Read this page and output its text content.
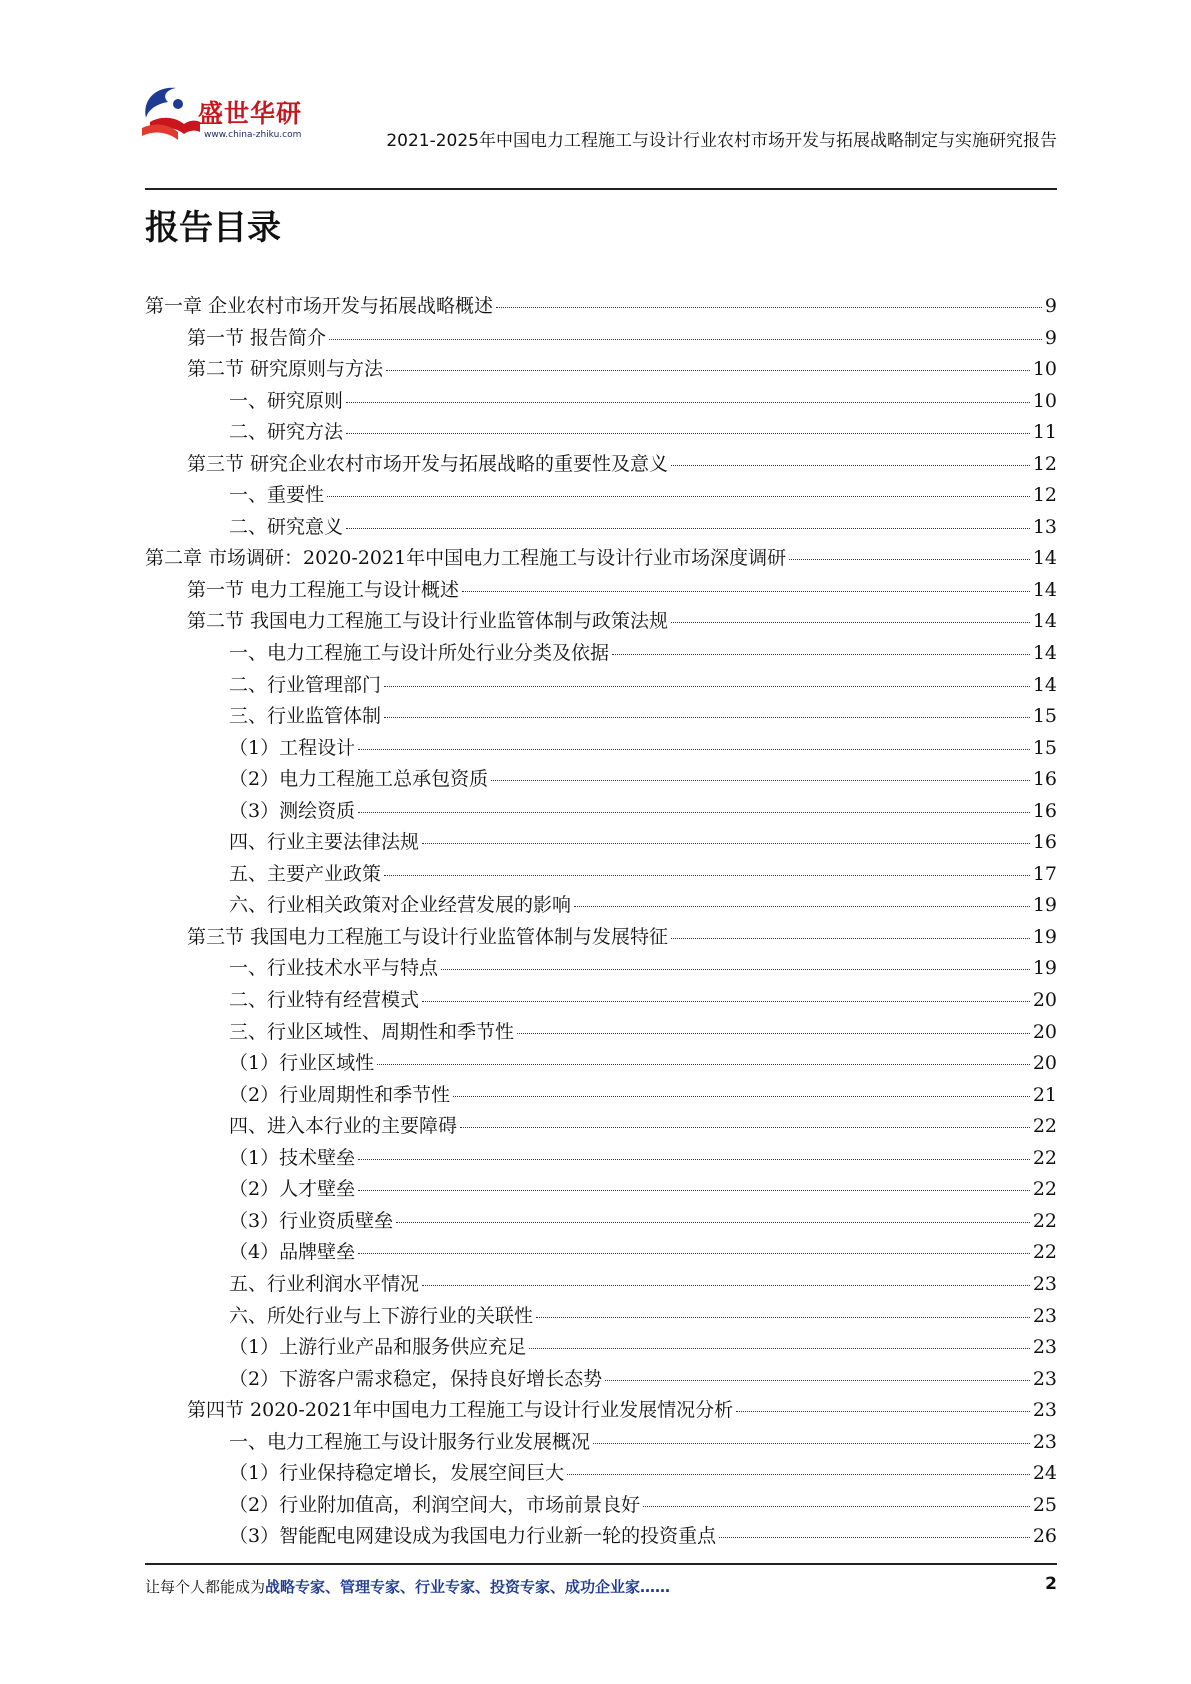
盛世华研
www.china-zhiku.com	2021-2025年中国电力工程施工与设计行业农村市场开发与拓展战略制定与实施研究报告
报告目录
第一章 企业农村市场开发与拓展战略概述	9
第一节 报告简介	9
第二节 研究原则与方法	10
一、研究原则	10
二、研究方法	11
第三节 研究企业农村市场开发与拓展战略的重要性及意义	12
一、重要性	12
二、研究意义	13
第二章 市场调研：2020-2021年中国电力工程施工与设计行业市场深度调研	14
第一节 电力工程施工与设计概述	14
第二节 我国电力工程施工与设计行业监管体制与政策法规	14
一、电力工程施工与设计所处行业分类及依据	14
二、行业管理部门	14
三、行业监管体制	15
（1）工程设计	15
（2）电力工程施工总承包资质	16
（3）测绘资质	16
四、行业主要法律法规	16
五、主要产业政策	17
六、行业相关政策对企业经营发展的影响	19
第三节 我国电力工程施工与设计行业监管体制与发展特征	19
一、行业技术水平与特点	19
二、行业特有经营模式	20
三、行业区域性、周期性和季节性	20
（1）行业区域性	20
（2）行业周期性和季节性	21
四、进入本行业的主要障碍	22
（1）技术壁垒	22
（2）人才壁垒	22
（3）行业资质壁垒	22
（4）品牌壁垒	22
五、行业利润水平情况	23
六、所处行业与上下游行业的关联性	23
（1）上游行业产品和服务供应充足	23
（2）下游客户需求稳定，保持良好增长态势	23
第四节 2020-2021年中国电力工程施工与设计行业发展情况分析	23
一、电力工程施工与设计服务行业发展概况	23
（1）行业保持稳定增长，发展空间巨大	24
（2）行业附加值高，利润空间大，市场前景良好	25
（3）智能配电网建设成为我国电力行业新一轮的投资重点	26
让每个人都能成为战略专家、管理专家、行业专家、投资专家、成功企业家……	2
